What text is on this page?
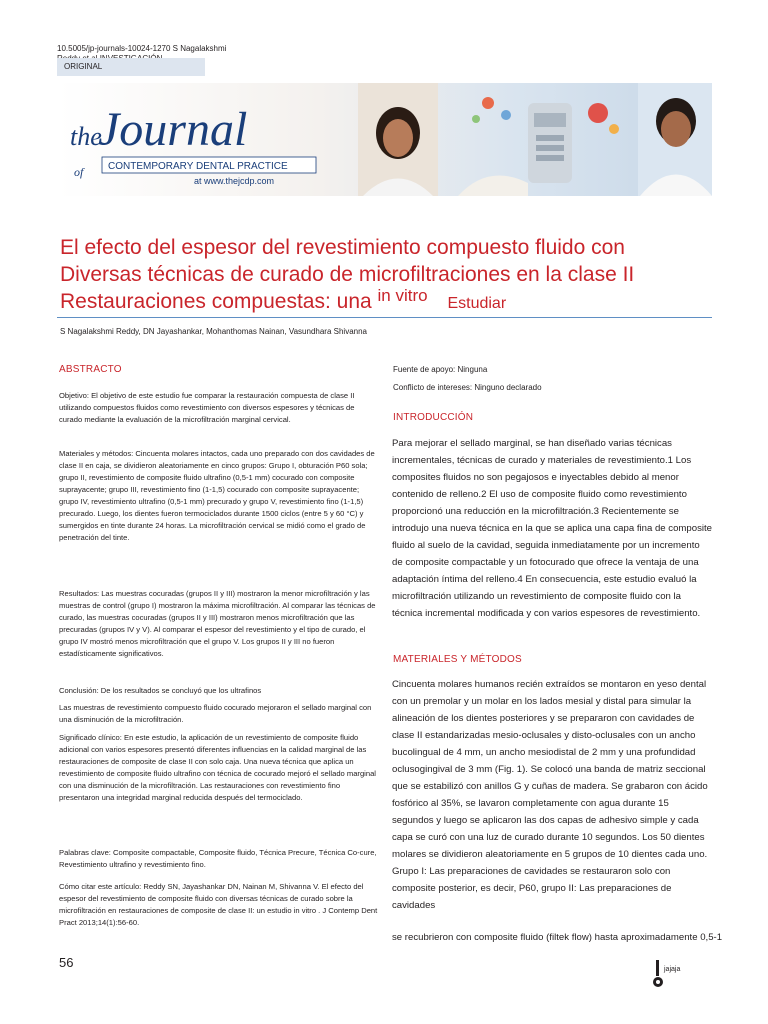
10.5005/jp-journals-10024-1270 S Nagalakshmi
ORIGINAL
the
Journal
of CONTEMPORARY DENTAL PRACTICE
at www.thejcdp.com
El efecto del espesor del revestimiento compuesto fluido con
Diversas técnicas de curado de microfiltraciones en la clase II
Restauraciones compuestas: una $^{in vitro}$ Estudiar
S Nagalakshmi Reddy, DN Jayashankar, Mohanthomas Nainan, Vasundhara Shivanna
ABSTRACTO
Objetivo: El objetivo de este estudio fue comparar la restauración compuesta de clase II utilizando compuestos fluidos como revestimiento con diversos espesores y técnicas de curado mediante la evaluación de la microfiltración marginal cervical.
Materiales y métodos: Cincuenta molares intactos, cada uno preparado con dos cavidades de clase II en caja, se dividieron aleatoriamente en cinco grupos: Grupo I, obturación P60 sola; grupo II, revestimiento de composite fluido ultrafino (0,5-1 mm) cocurado con composite suprayacente; grupo III, revestimiento fino (1-1,5) cocurado con composite suprayacente; grupo IV, revestimiento ultrafino (0,5-1 mm) precurado y grupo V, revestimiento fino (1-1,5) precurado. Luego, los dientes fueron termociclados durante 1500 ciclos (entre 5 y 60 °C) y sumergidos en tinte durante 24 horas. La microfiltración cervical se midió como el grado de penetración del tinte.
Resultados: Las muestras cocuradas (grupos II y III) mostraron la menor microfiltración y las muestras de control (grupo I) mostraron la máxima microfiltración. Al comparar las técnicas de curado, las muestras cocuradas (grupos II y III) mostraron menos microfiltración que las precuradas (grupos IV y V). Al comparar el espesor del revestimiento y el tipo de curado, el grupo IV mostró menos microfiltración que el grupo V. Los grupos II y III no fueron estadísticamente significativos.
Conclusión: De los resultados se concluyó que los ultrafinos
Las muestras de revestimiento compuesto fluido cocurado mejoraron el sellado marginal con una disminución de la microfiltración.
Significado clínico: En este estudio, la aplicación de un revestimiento de composite fluido adicional con varios espesores presentó diferentes influencias en la calidad marginal de las restauraciones de composite de clase II con solo caja. Una nueva técnica que aplica un revestimiento de composite fluido ultrafino con técnica de cocurado mejoró el sellado marginal con una disminución de la microfiltración. Las restauraciones con revestimiento fino presentaron una integridad marginal reducida después del termociclado.
Palabras clave: Composite compactable, Composite fluido, Técnica Precure, Técnica Co-cure, Revestimiento ultrafino y revestimiento fino.
Cómo citar este artículo: Reddy SN, Jayashankar DN, Nainan M, Shivanna V. El efecto del espesor del revestimiento de composite fluido con diversas técnicas de curado sobre la microfiltración en restauraciones de composite de clase II: un estudio in vitro . J Contemp Dent Pract 2013;14(1):56-60.
Fuente de apoyo: Ninguna
Conflicto de intereses: Ninguno declarado
INTRODUCCIÓN
Para mejorar el sellado marginal, se han diseñado varias técnicas incrementales, técnicas de curado y materiales de revestimiento.1 Los composites fluidos no son pegajosos e inyectables debido al menor contenido de relleno.2 El uso de composite fluido como revestimiento proporcionó una reducción en la microfiltración.3 Recientemente se introdujo una nueva técnica en la que se aplica una capa fina de composite fluido al suelo de la cavidad, seguida inmediatamente por un incremento de composite compactable y un fotocurado que ofrece la ventaja de una adaptación íntima del relleno.4 En consecuencia, este estudio evaluó la microfiltración utilizando un revestimiento de composite fluido con la técnica incremental modificada y con varios espesores de revestimiento.
MATERIALES Y MÉTODOS
Cincuenta molares humanos recién extraídos se montaron en yeso dental con un premolar y un molar en los lados mesial y distal para simular la alineación de los dientes posteriores y se prepararon con cavidades de clase II estandarizadas mesio-oclusales y disto-oclusales con un ancho bucolingual de 4 mm, un ancho mesiodistal de 2 mm y una profundidad oclusogingival de 3 mm (Fig. 1). Se colocó una banda de matriz seccional que se estabilizó con anillos G y cuñas de madera. Se grabaron con ácido fosfórico al 35%, se lavaron completamente con agua durante 15 segundos y luego se aplicaron las dos capas de adhesivo simple y cada capa se curó con una luz de curado durante 10 segundos. Los 50 dientes molares se dividieron aleatoriamente en 5 grupos de 10 dientes cada uno. Grupo I: Las preparaciones de cavidades se restauraron solo con composite posterior, es decir, P60, grupo II: Las preparaciones de cavidades
se recubrieron con composite fluido (filtek flow) hasta aproximadamente 0,5-1
56	jajaja
